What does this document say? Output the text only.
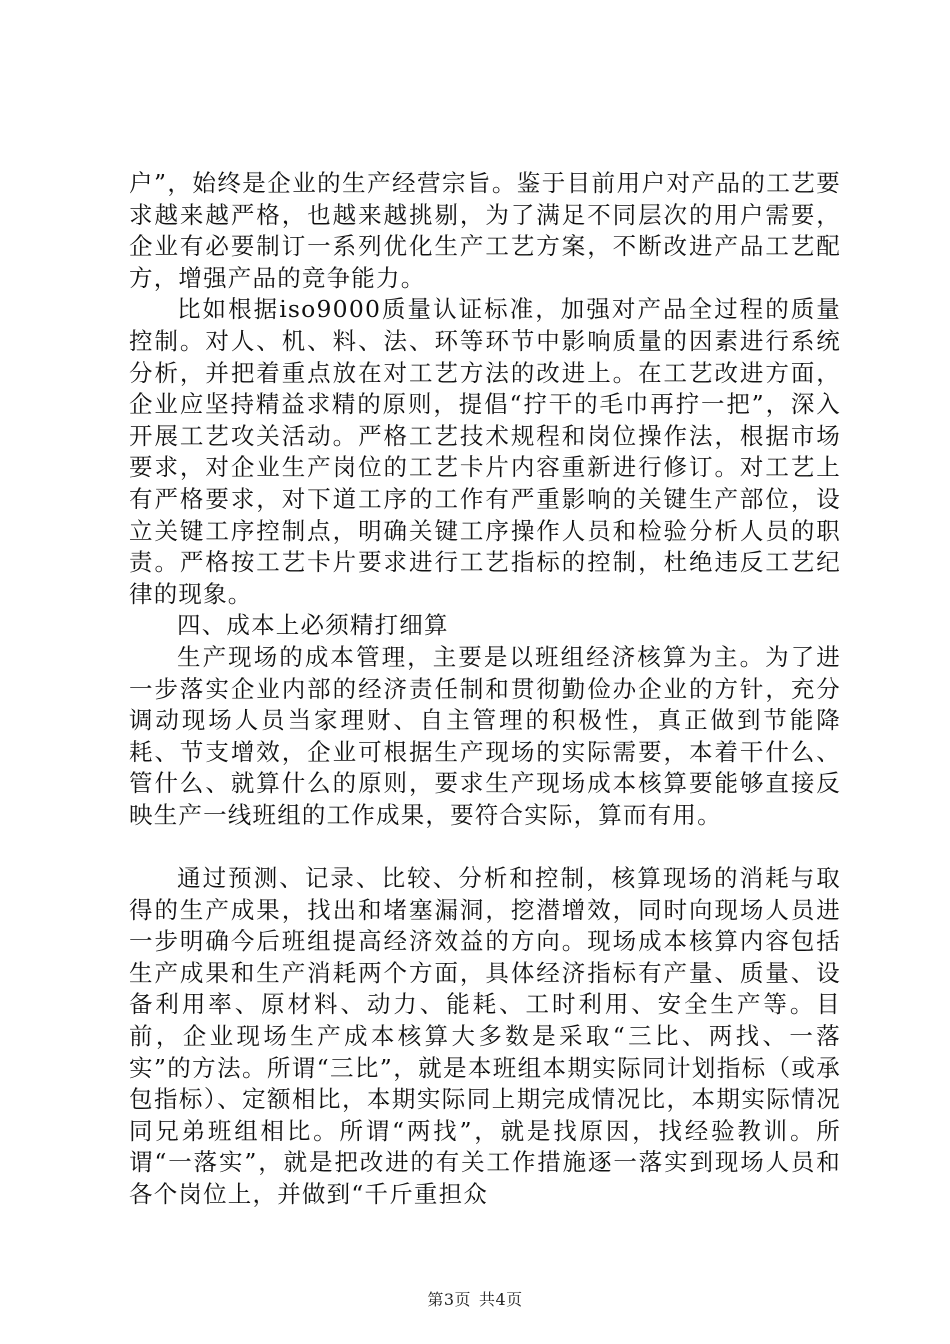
户”，始终是企业的生产经营宗旨。鉴于目前用户对产品的工艺要求越来越严格，也越来越挑剔，为了满足不同层次的用户需要，企业有必要制订一系列优化生产工艺方案，不断改进产品工艺配方，增强产品的竞争能力。

比如根据iso9000质量认证标准，加强对产品全过程的质量控制。对人、机、料、法、环等环节中影响质量的因素进行系统分析，并把着重点放在对工艺方法的改进上。在工艺改进方面，企业应坚持精益求精的原则，提倡“拧干的毛巾再拧一把”，深入开展工艺攻关活动。严格工艺技术规程和岗位操作法，根据市场要求，对企业生产岗位的工艺卡片内容重新进行修订。对工艺上有严格要求，对下道工序的工作有严重影响的关键生产部位，设立关键工序控制点，明确关键工序操作人员和检验分析人员的职责。严格按工艺卡片要求进行工艺指标的控制，杜绝违反工艺纪律的现象。

四、成本上必须精打细算

生产现场的成本管理，主要是以班组经济核算为主。为了进一步落实企业内部的经济责任制和贯彻勤俭办企业的方针，充分调动现场人员当家理财、自主管理的积极性，真正做到节能降耗、节支增效，企业可根据生产现场的实际需要，本着干什么、管什么、就算什么的原则，要求生产现场成本核算要能够直接反映生产一线班组的工作成果，要符合实际，算而有用。

通过预测、记录、比较、分析和控制，核算现场的消耗与取得的生产成果，找出和堵塞漏洞，挖潜增效，同时向现场人员进一步明确今后班组提高经济效益的方向。现场成本核算内容包括生产成果和生产消耗两个方面，具体经济指标有产量、质量、设备利用率、原材料、动力、能耗、工时利用、安全生产等。目前，企业现场生产成本核算大多数是采取“三比、两找、一落实”的方法。所谓“三比”，就是本班组本期实际同计划指标（或承包指标）、定额相比，本期实际同上期完成情况比，本期实际情况同兄弟班组相比。所谓“两找”，就是找原因，找经验教训。所谓“一落实”，就是把改进的有关工作措施逐一落实到现场人员和各个岗位上，并做到“千斤重担众

第3页 共4页
